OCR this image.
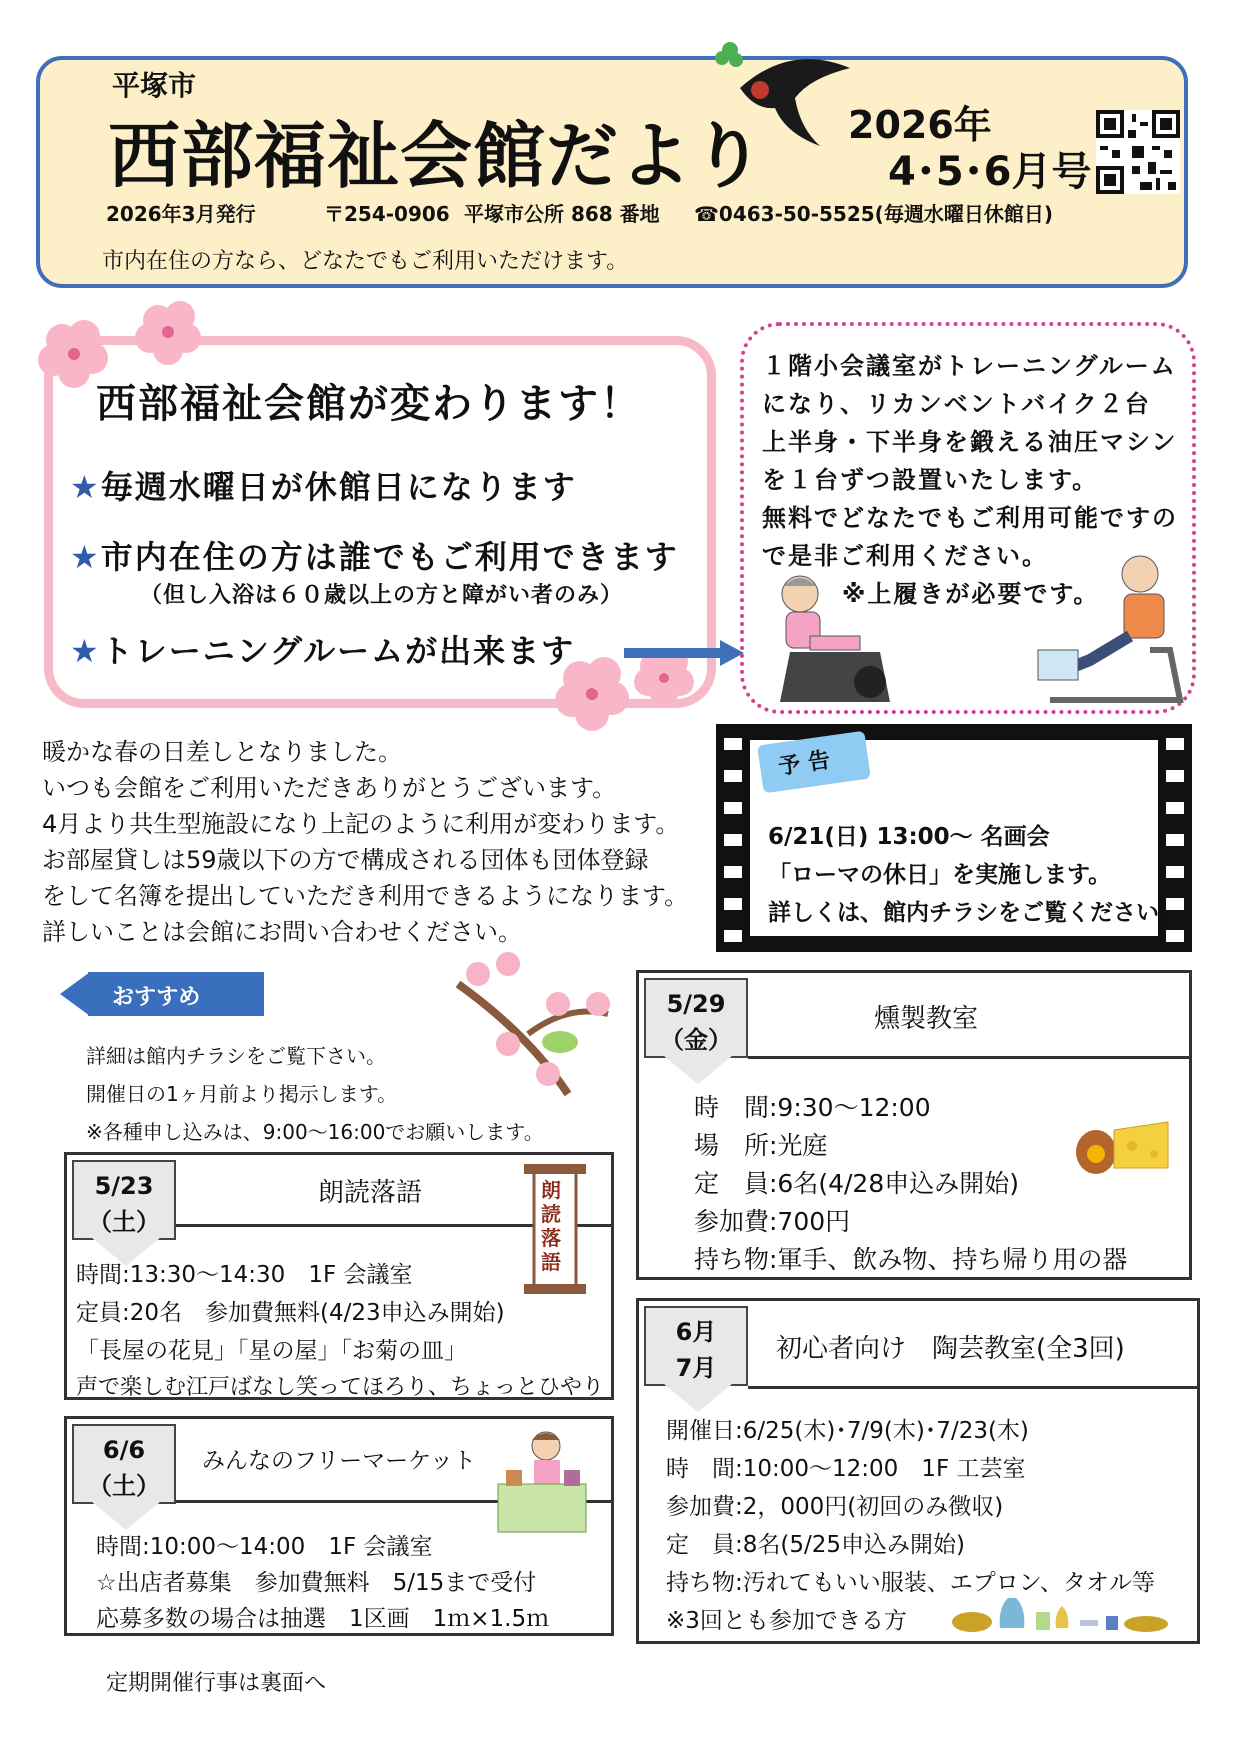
平塚市
西部福祉会館だより 2026年
4･5･6月号
2026年3月発行	〒254-0906 平塚市公所 868 番地 ☎0463-50-5525(毎週水曜日休館日)
市内在住の方なら、どなたでもご利用いただけます。
西部福祉会館が変わります！
★毎週水曜日が休館日になります
★市内在住の方は誰でもご利用できます
（但し入浴は６０歳以上の方と障がい者のみ）
★トレーニングルームが出来ます
１階小会議室がトレーニングルーム
になり、リカンベントバイク２台
上半身・下半身を鍛える油圧マシン
を１台ずつ設置いたします。
無料でどなたでもご利用可能ですの
で是非ご利用ください。
※上履きが必要です。
暖かな春の日差しとなりました。
いつも会館をご利用いただきありがとうございます。
4月より共生型施設になり上記のように利用が変わります。
お部屋貸しは59歳以下の方で構成される団体も団体登録
をして名簿を提出していただき利用できるようになります。
詳しいことは会館にお問い合わせください。
予告
6/21(日) 13:00～ 名画会
「ローマの休日」を実施します。
詳しくは、館内チラシをご覧ください。
おすすめ
詳細は館内チラシをご覧下さい。
開催日の1ヶ月前より掲示します。
※各種申し込みは、9:00～16:00でお願いします。
5/23
（土）
朗読落語	朗読落語
時間:13:30～14:30　1F 会議室
定員:20名　参加費無料(4/23申込み開始)
「長屋の花見」「星の屋」「お菊の皿」
声で楽しむ江戸ばなし笑ってほろり、ちょっとひやり
6/6
（土）
みんなのフリーマーケット
時間:10:00～14:00　1F 会議室
☆出店者募集　参加費無料　5/15まで受付
応募多数の場合は抽選　1区画　1ｍ×1.5ｍ
5/29
（金）
燻製教室
時　間:9:30～12:00
場　所:光庭
定　員:6名(4/28申込み開始)
参加費:700円
持ち物:軍手、飲み物、持ち帰り用の器
6月
7月
初心者向け　陶芸教室(全3回)
開催日:6/25(木)･7/9(木)･7/23(木)
時　間:10:00～12:00　1F 工芸室
参加費:2，000円(初回のみ徴収)
定　員:8名(5/25申込み開始)
持ち物:汚れてもいい服装、エプロン、タオル等
※3回とも参加できる方
定期開催行事は裏面へ
